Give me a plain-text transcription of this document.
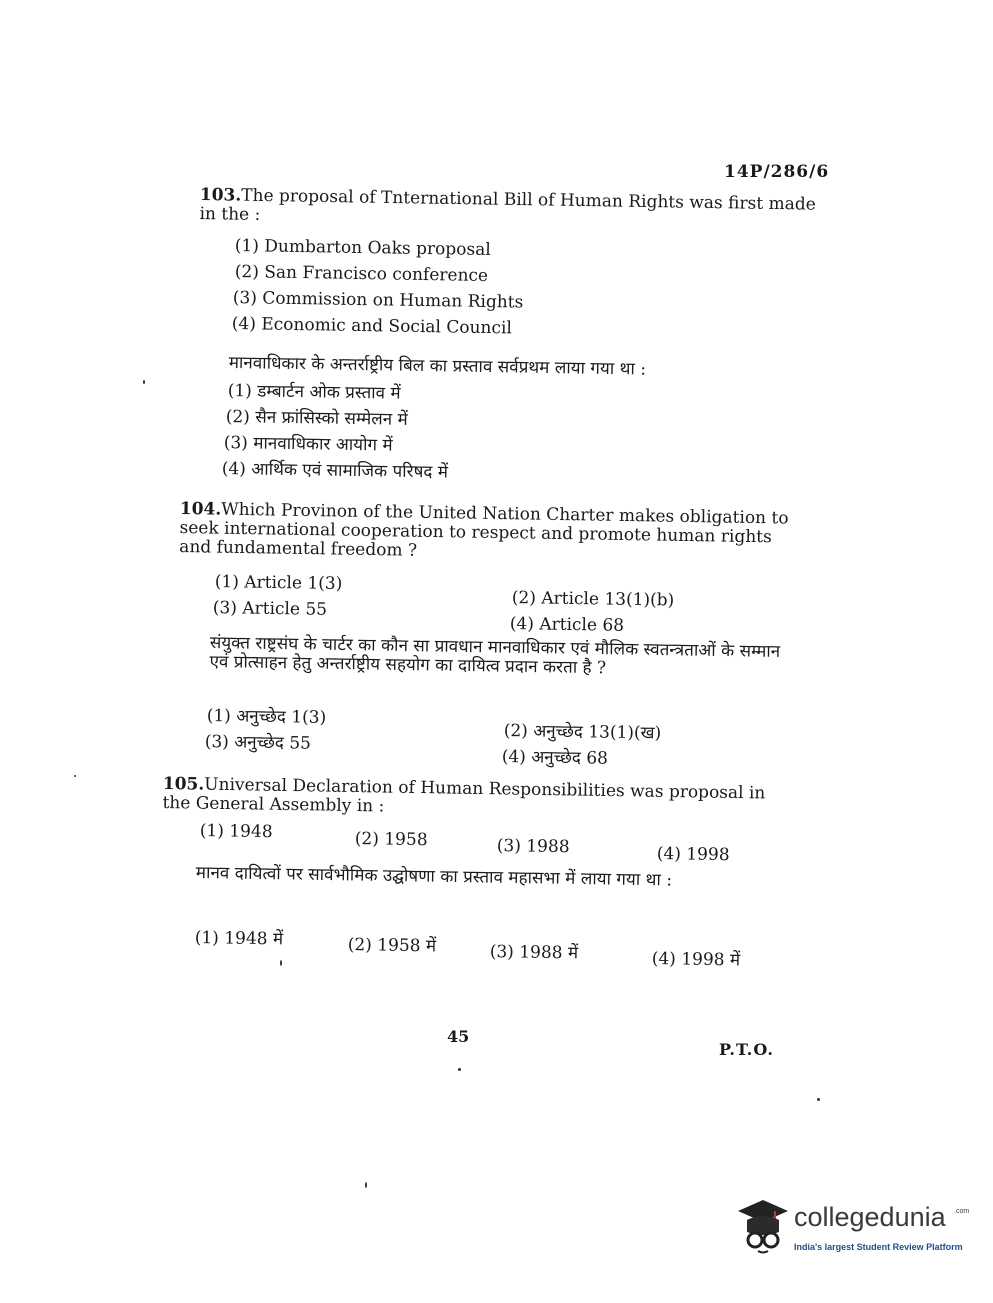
14P/286/6
103.The proposal of Tnternational Bill of Human Rights was first made in the :
(1) Dumbarton Oaks proposal
(2) San Francisco conference
(3) Commission on Human Rights
(4) Economic and Social Council
मानवाधिकार के अन्तर्राष्ट्रीय बिल का प्रस्ताव सर्वप्रथम लाया गया था :
(1) डम्बार्टन ओक प्रस्ताव में
(2) सैन फ्रांसिस्को सम्मेलन में
(3) मानवाधिकार आयोग में
(4) आर्थिक एवं सामाजिक परिषद में
104.Which Provinon of the United Nation Charter makes obligation to seek international cooperation to respect and promote human rights and fundamental freedom ?
(1) Article 1(3)
(2) Article 13(1)(b)
(3) Article 55
(4) Article 68
संयुक्त राष्ट्रसंघ के चार्टर का कौन सा प्रावधान मानवाधिकार एवं मौलिक स्वतन्त्रताओं के सम्मान एवं प्रोत्साहन हेतु अन्तर्राष्ट्रीय सहयोग का दायित्व प्रदान करता है ?
(1) अनुच्छेद 1(3)
(2) अनुच्छेद 13(1)(ख)
(3) अनुच्छेद 55
(4) अनुच्छेद 68
105.Universal Declaration of Human Responsibilities was proposal in the General Assembly in :
(1) 1948	(2) 1958	(3) 1988	(4) 1998
मानव दायित्वों पर सार्वभौमिक उद्घोषणा का प्रस्ताव महासभा में लाया गया था :
(1) 1948 में	(2) 1958 में	(3) 1988 में	(4) 1998 में
45
P.T.O.
collegedunia .com
India's largest Student Review Platform
